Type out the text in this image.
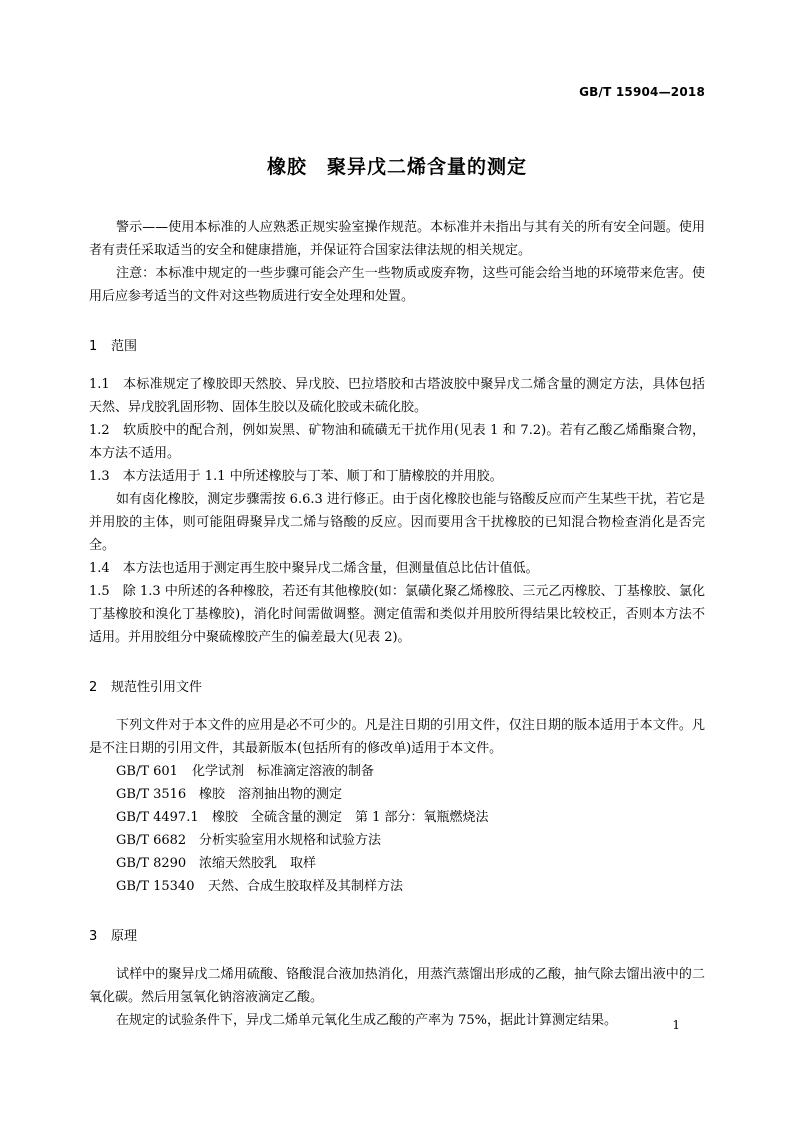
GB/T 15904—2018
橡胶　聚异戊二烯含量的测定

警示——使用本标准的人应熟悉正规实验室操作规范。本标准并未指出与其有关的所有安全问题。使用者有责任采取适当的安全和健康措施，并保证符合国家法律法规的相关规定。

注意：本标准中规定的一些步骤可能会产生一些物质或废弃物，这些可能会给当地的环境带来危害。使用后应参考适当的文件对这些物质进行安全处理和处置。

1 范围

1.1　本标准规定了橡胶即天然胶、异戊胶、巴拉塔胶和古塔波胶中聚异戊二烯含量的测定方法，具体包括天然、异戊胶乳固形物、固体生胶以及硫化胶或未硫化胶。

1.2　软质胶中的配合剂，例如炭黑、矿物油和硫磺无干扰作用(见表 1 和 7.2)。若有乙酸乙烯酯聚合物，本方法不适用。

1.3　本方法适用于 1.1 中所述橡胶与丁苯、顺丁和丁腈橡胶的并用胶。

如有卤化橡胶，测定步骤需按 6.6.3 进行修正。由于卤化橡胶也能与铬酸反应而产生某些干扰，若它是并用胶的主体，则可能阻碍聚异戊二烯与铬酸的反应。因而要用含干扰橡胶的已知混合物检查消化是否完全。

1.4　本方法也适用于测定再生胶中聚异戊二烯含量，但测量值总比估计值低。

1.5　除 1.3 中所述的各种橡胶，若还有其他橡胶(如：氯磺化聚乙烯橡胶、三元乙丙橡胶、丁基橡胶、氯化丁基橡胶和溴化丁基橡胶)，消化时间需做调整。测定值需和类似并用胶所得结果比较校正，否则本方法不适用。并用胶组分中聚硫橡胶产生的偏差最大(见表 2)。

2 规范性引用文件

下列文件对于本文件的应用是必不可少的。凡是注日期的引用文件，仅注日期的版本适用于本文件。凡是不注日期的引用文件，其最新版本(包括所有的修改单)适用于本文件。

GB/T 601 化学试剂　标准滴定溶液的制备
GB/T 3516 橡胶　溶剂抽出物的测定
GB/T 4497.1 橡胶　全硫含量的测定　第 1 部分：氧瓶燃烧法
GB/T 6682 分析实验室用水规格和试验方法
GB/T 8290 浓缩天然胶乳　取样
GB/T 15340 天然、合成生胶取样及其制样方法
3 原理

试样中的聚异戊二烯用硫酸、铬酸混合液加热消化，用蒸汽蒸馏出形成的乙酸，抽气除去馏出液中的二氧化碳。然后用氢氧化钠溶液滴定乙酸。

在规定的试验条件下，异戊二烯单元氧化生成乙酸的产率为 75%，据此计算测定结果。	1
